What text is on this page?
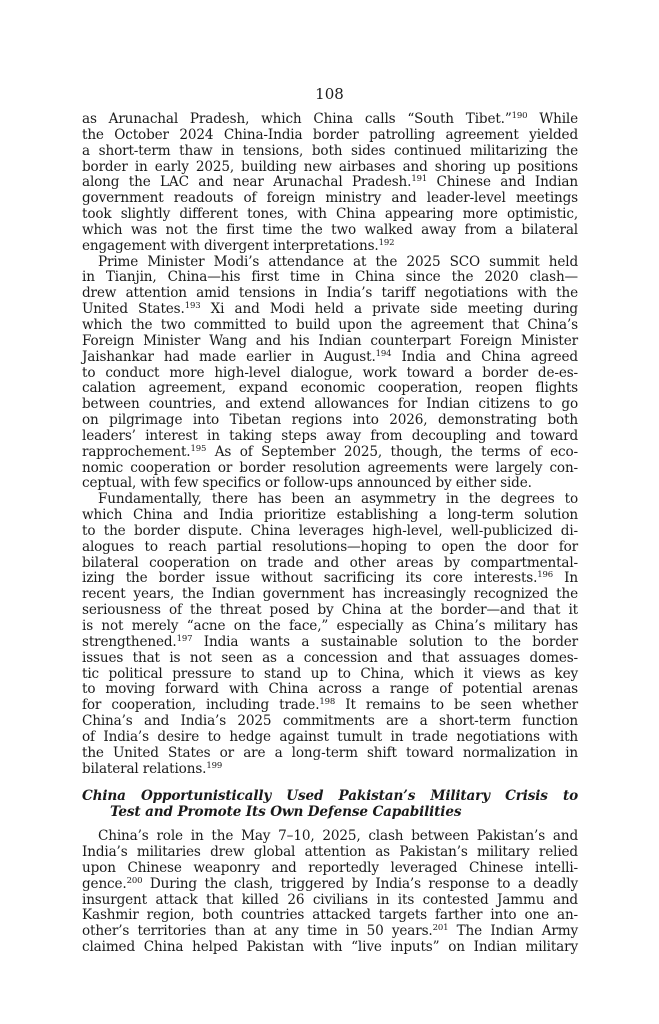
108
as Arunachal Pradesh, which China calls “South Tibet.”$^{190}$ While
the October 2024 China-India border patrolling agreement yielded
a short-term thaw in tensions, both sides continued militarizing the
border in early 2025, building new airbases and shoring up positions
along the LAC and near Arunachal Pradesh.$^{191}$ Chinese and Indian
government readouts of foreign ministry and leader-level meetings
took slightly different tones, with China appearing more optimistic,
which was not the first time the two walked away from a bilateral
engagement with divergent interpretations.$^{192}$
Prime Minister Modi’s attendance at the 2025 SCO summit held
in Tianjin, China—his first time in China since the 2020 clash—
drew attention amid tensions in India’s tariff negotiations with the
United States.$^{193}$ Xi and Modi held a private side meeting during
which the two committed to build upon the agreement that China’s
Foreign Minister Wang and his Indian counterpart Foreign Minister
Jaishankar had made earlier in August.$^{194}$ India and China agreed
to conduct more high-level dialogue, work toward a border de-es-
calation agreement, expand economic cooperation, reopen flights
between countries, and extend allowances for Indian citizens to go
on pilgrimage into Tibetan regions into 2026, demonstrating both
leaders’ interest in taking steps away from decoupling and toward
rapprochement.$^{195}$ As of September 2025, though, the terms of eco-
nomic cooperation or border resolution agreements were largely con-
ceptual, with few specifics or follow-ups announced by either side.
Fundamentally, there has been an asymmetry in the degrees to
which China and India prioritize establishing a long-term solution
to the border dispute. China leverages high-level, well-publicized di-
alogues to reach partial resolutions—hoping to open the door for
bilateral cooperation on trade and other areas by compartmental-
izing the border issue without sacrificing its core interests.$^{196}$ In
recent years, the Indian government has increasingly recognized the
seriousness of the threat posed by China at the border—and that it
is not merely “acne on the face,” especially as China’s military has
strengthened.$^{197}$ India wants a sustainable solution to the border
issues that is not seen as a concession and that assuages domes-
tic political pressure to stand up to China, which it views as key
to moving forward with China across a range of potential arenas
for cooperation, including trade.$^{198}$ It remains to be seen whether
China’s and India’s 2025 commitments are a short-term function
of India’s desire to hedge against tumult in trade negotiations with
the United States or are a long-term shift toward normalization in
bilateral relations.$^{199}$
China Opportunistically Used Pakistan’s Military Crisis to
Test and Promote Its Own Defense Capabilities
China’s role in the May 7–10, 2025, clash between Pakistan’s and
India’s militaries drew global attention as Pakistan’s military relied
upon Chinese weaponry and reportedly leveraged Chinese intelli-
gence.$^{200}$ During the clash, triggered by India’s response to a deadly
insurgent attack that killed 26 civilians in its contested Jammu and
Kashmir region, both countries attacked targets farther into one an-
other’s territories than at any time in 50 years.$^{201}$ The Indian Army
claimed China helped Pakistan with “live inputs” on Indian military
